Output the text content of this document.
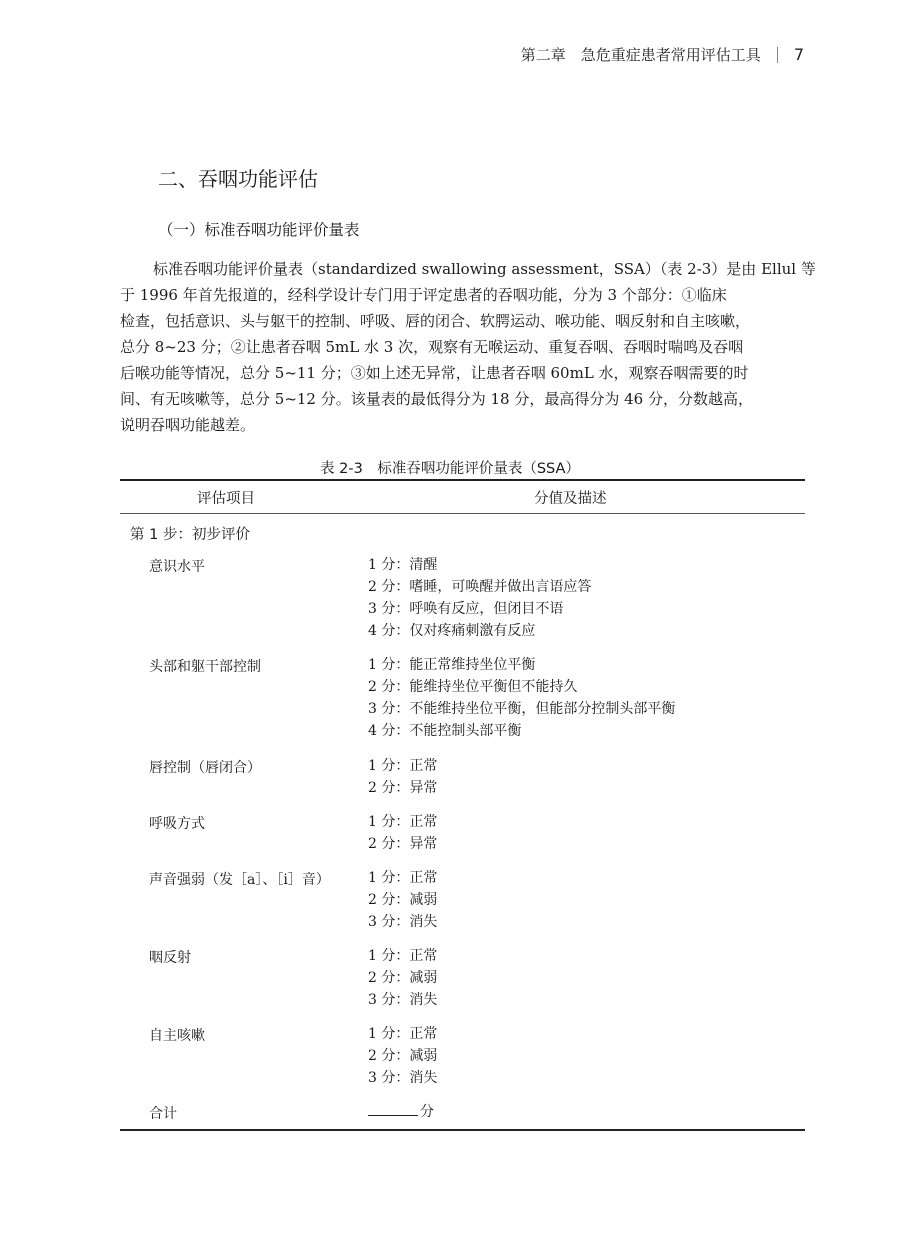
第二章　急危重症患者常用评估工具 7
二、吞咽功能评估
（一）标准吞咽功能评价量表

标准吞咽功能评价量表（standardized swallowing assessment，SSA）（表 2-3）是由 Ellul 等
于 1996 年首先报道的，经科学设计专门用于评定患者的吞咽功能，分为 3 个部分：①临床
检查，包括意识、头与躯干的控制、呼吸、唇的闭合、软腭运动、喉功能、咽反射和自主咳嗽，
总分 8~23 分；②让患者吞咽 5mL 水 3 次，观察有无喉运动、重复吞咽、吞咽时喘鸣及吞咽
后喉功能等情况，总分 5~11 分；③如上述无异常，让患者吞咽 60mL 水，观察吞咽需要的时
间、有无咳嗽等，总分 5~12 分。该量表的最低得分为 18 分，最高得分为 46 分，分数越高，
说明吞咽功能越差。

表 2-3　标准吞咽功能评价量表（SSA）
评估项目	分值及描述
第 1 步：初步评价
意识水平	1 分：清醒
2 分：嗜睡，可唤醒并做出言语应答
3 分：呼唤有反应，但闭目不语
4 分：仅对疼痛刺激有反应
头部和躯干部控制	1 分：能正常维持坐位平衡
2 分：能维持坐位平衡但不能持久
3 分：不能维持坐位平衡，但能部分控制头部平衡
4 分：不能控制头部平衡
唇控制（唇闭合）	1 分：正常
2 分：异常
呼吸方式	1 分：正常
2 分：异常
声音强弱（发［a］、［i］音）	1 分：正常
2 分：减弱
3 分：消失
咽反射	1 分：正常
2 分：减弱
3 分：消失
自主咳嗽	1 分：正常
2 分：减弱
3 分：消失
合计	分
